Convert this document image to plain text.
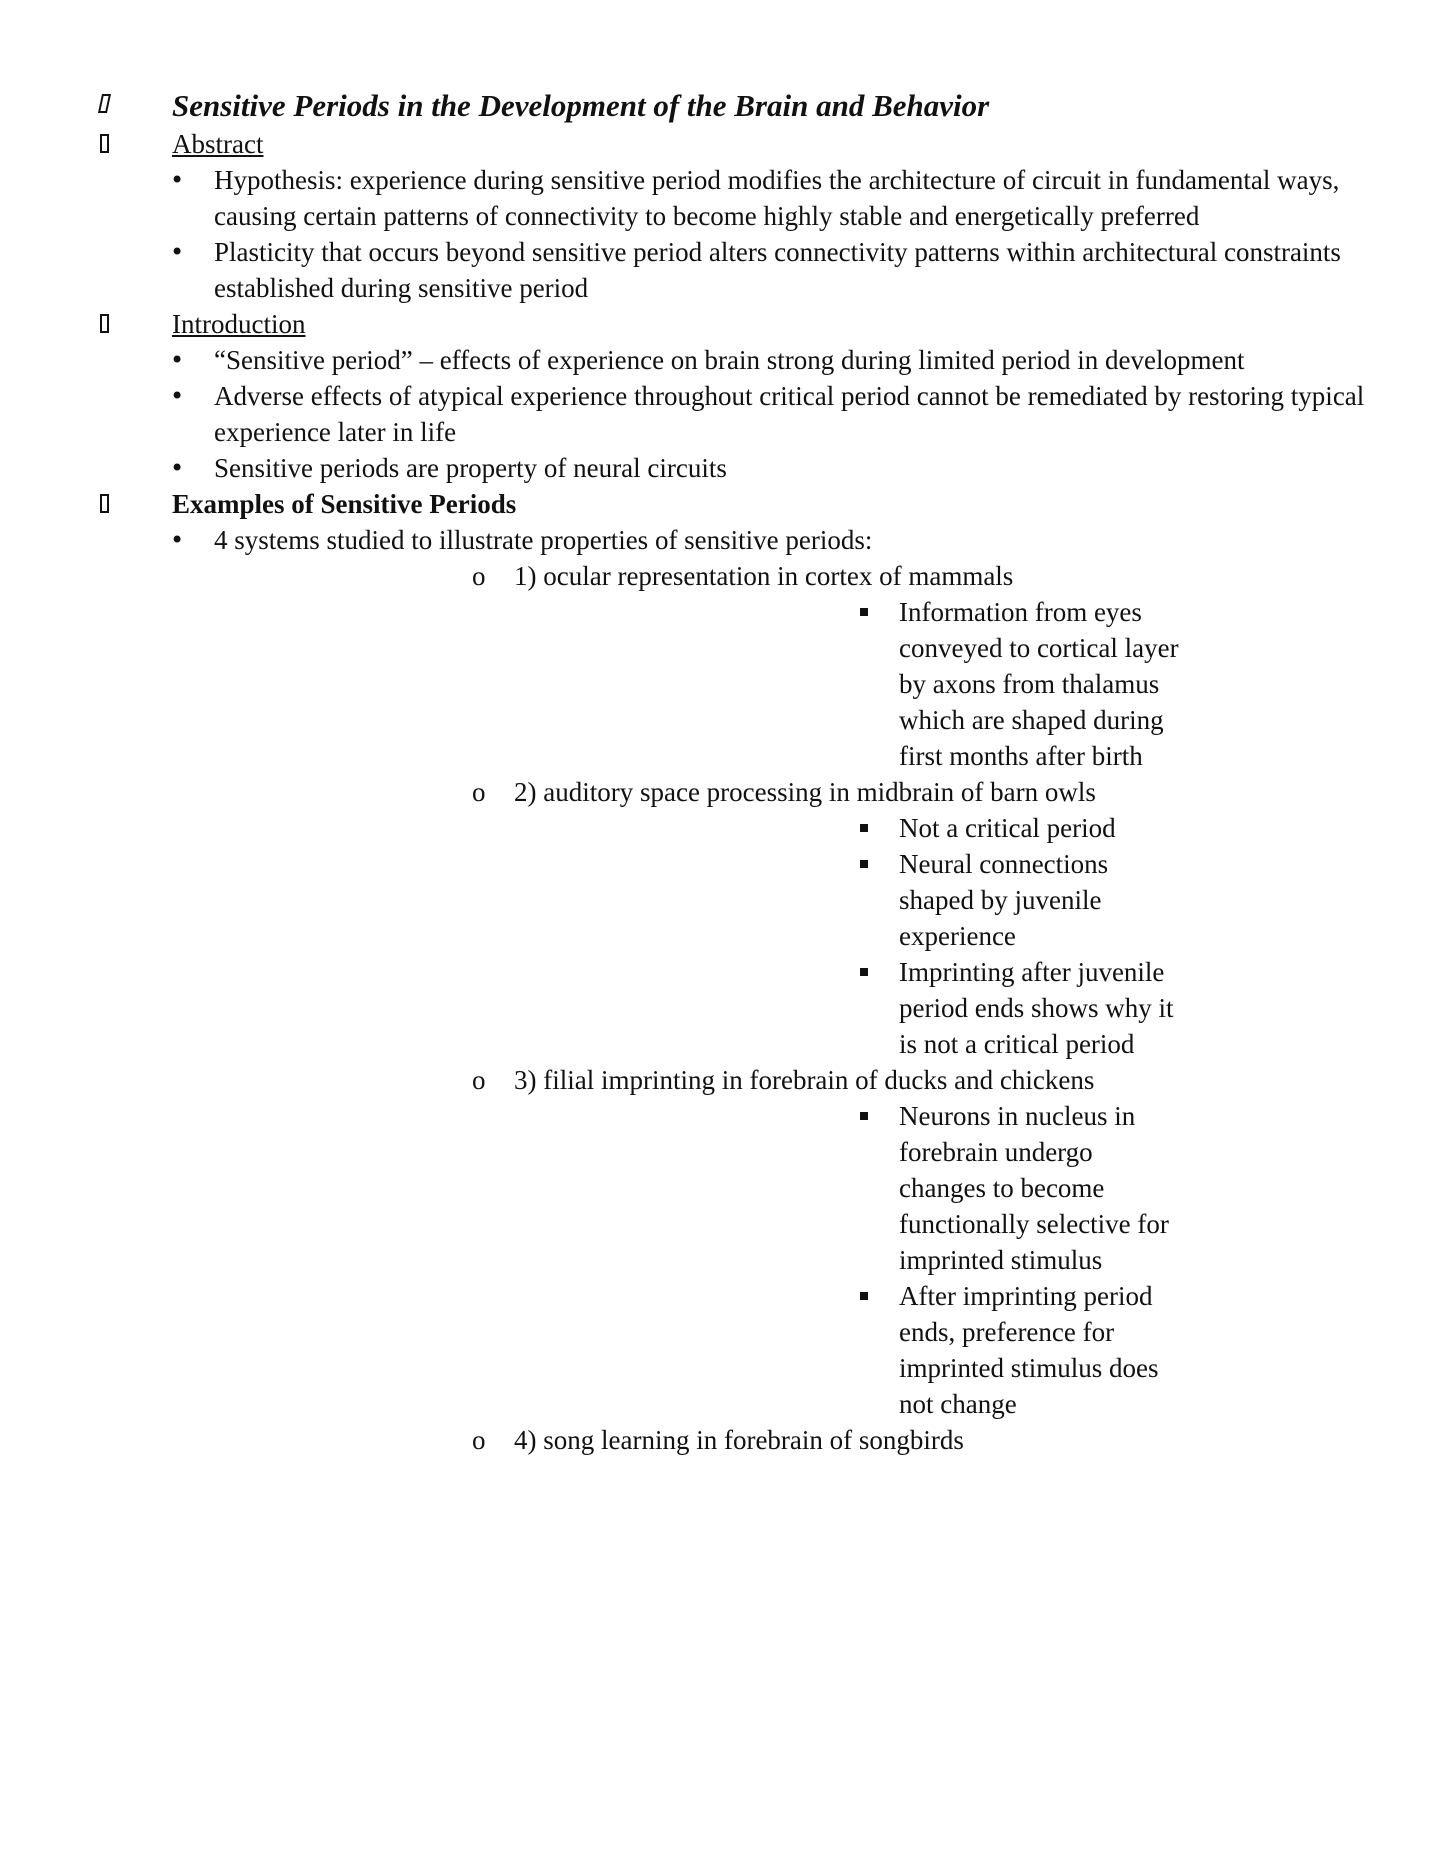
Sensitive Periods in the Development of the Brain and Behavior
Abstract
• Hypothesis: experience during sensitive period modifies the architecture of circuit in fundamental ways, causing certain patterns of connectivity to become highly stable and energetically preferred
• Plasticity that occurs beyond sensitive period alters connectivity patterns within architectural constraints established during sensitive period
Introduction
• “Sensitive period” – effects of experience on brain strong during limited period in development
• Adverse effects of atypical experience throughout critical period cannot be remediated by restoring typical experience later in life
• Sensitive periods are property of neural circuits
Examples of Sensitive Periods
• 4 systems studied to illustrate properties of sensitive periods:
o 1) ocular representation in cortex of mammals
Information from eyes conveyed to cortical layer by axons from thalamus which are shaped during first months after birth
o 2) auditory space processing in midbrain of barn owls
Not a critical period
Neural connections shaped by juvenile experience
Imprinting after juvenile period ends shows why it is not a critical period
o 3) filial imprinting in forebrain of ducks and chickens
Neurons in nucleus in forebrain undergo changes to become functionally selective for imprinted stimulus
After imprinting period ends, preference for imprinted stimulus does not change
o 4) song learning in forebrain of songbirds
